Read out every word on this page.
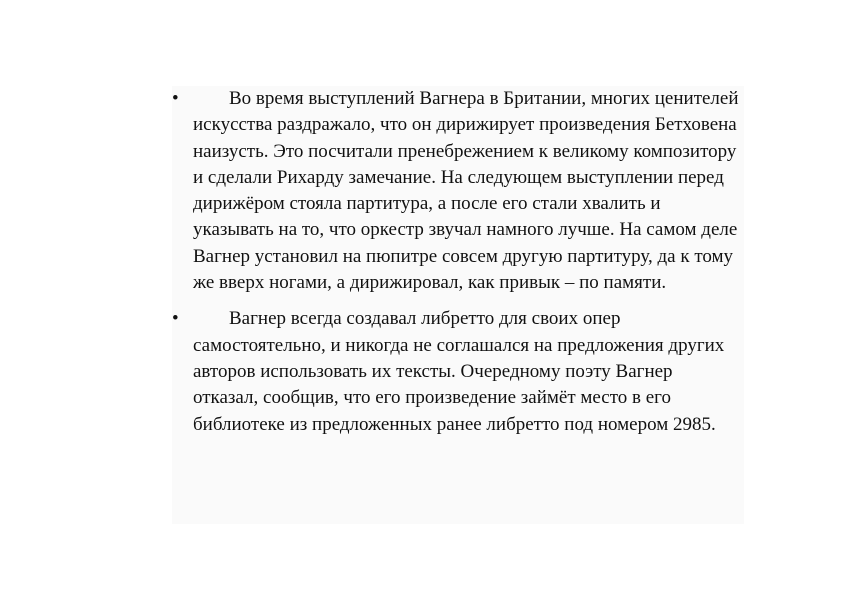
•	Во время выступлений Вагнера в Британии, многих ценителей искусства раздражало, что он дирижирует произведения Бетховена наизусть. Это посчитали пренебрежением к великому композитору и сделали Рихарду замечание. На следующем выступлении перед дирижёром стояла партитура, а после его стали хвалить и указывать на то, что оркестр звучал намного лучше. На самом деле Вагнер установил на пюпитре совсем другую партитуру, да к тому же вверх ногами, а дирижировал, как привык – по памяти.
•	Вагнер всегда создавал либретто для своих опер самостоятельно, и никогда не соглашался на предложения других авторов использовать их тексты. Очередному поэту Вагнер отказал, сообщив, что его произведение займёт место в его библиотеке из предложенных ранее либретто под номером 2985.
